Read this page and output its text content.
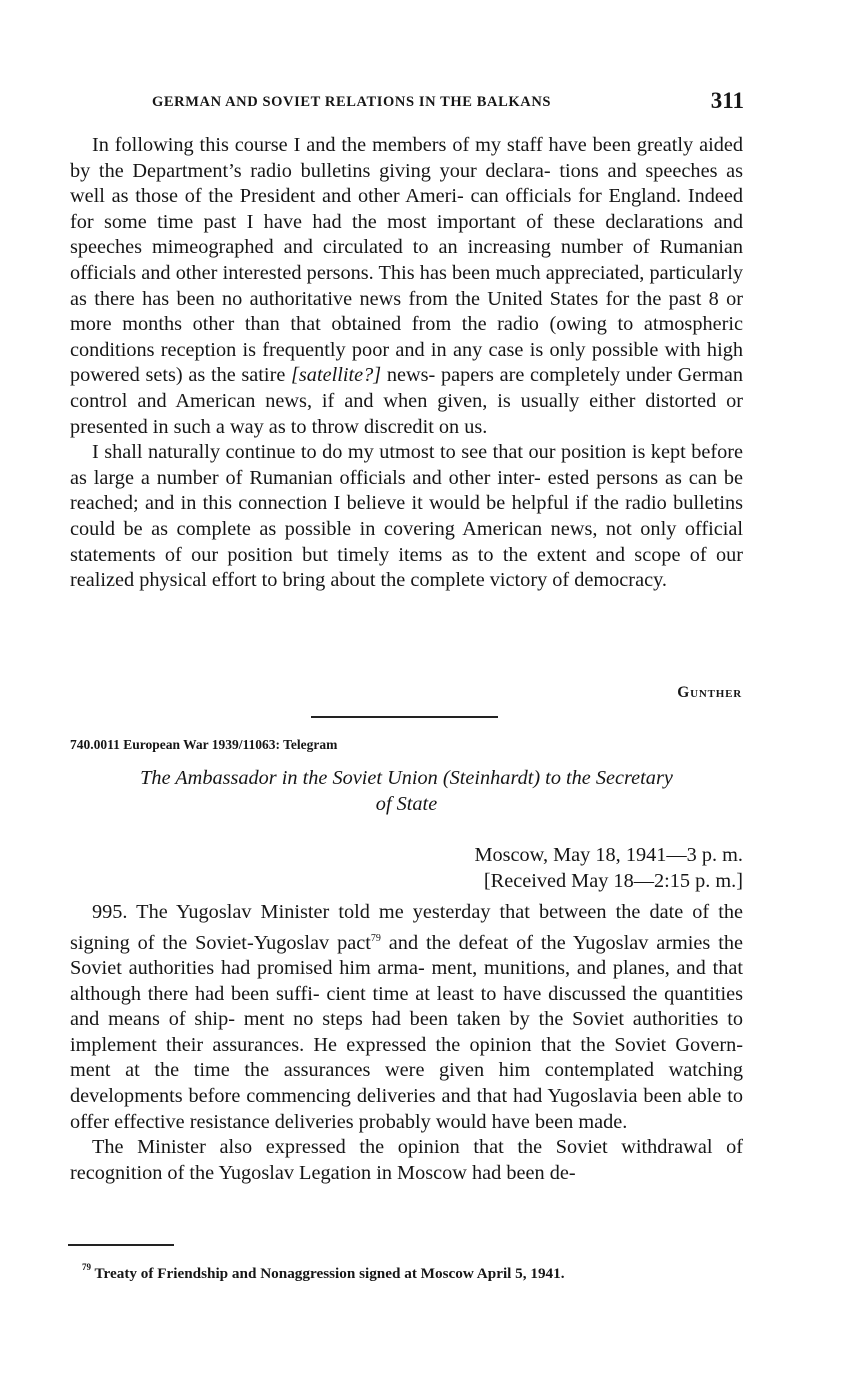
GERMAN AND SOVIET RELATIONS IN THE BALKANS	311

In following this course I and the members of my staff have been greatly aided by the Department’s radio bulletins giving your declara- tions and speeches as well as those of the President and other Ameri- can officials for England. Indeed for some time past I have had the most important of these declarations and speeches mimeographed and circulated to an increasing number of Rumanian officials and other interested persons. This has been much appreciated, particularly as there has been no authoritative news from the United States for the past 8 or more months other than that obtained from the radio (owing to atmospheric conditions reception is frequently poor and in any case is only possible with high powered sets) as the satire [satellite?] news- papers are completely under German control and American news, if and when given, is usually either distorted or presented in such a way as to throw discredit on us.

I shall naturally continue to do my utmost to see that our position is kept before as large a number of Rumanian officials and other inter- ested persons as can be reached; and in this connection I believe it would be helpful if the radio bulletins could be as complete as possible in covering American news, not only official statements of our position but timely items as to the extent and scope of our realized physical effort to bring about the complete victory of democracy.

Gunther
740.0011 European War 1939/11063: Telegram
The Ambassador in the Soviet Union (Steinhardt) to the Secretary
of State
Moscow, May 18, 1941—3 p. m.
[Received May 18—2:15 p. m.]

995. The Yugoslav Minister told me yesterday that between the date of the signing of the Soviet-Yugoslav pact$^{79}$ and the defeat of the Yugoslav armies the Soviet authorities had promised him arma- ment, munitions, and planes, and that although there had been suffi- cient time at least to have discussed the quantities and means of ship- ment no steps had been taken by the Soviet authorities to implement their assurances. He expressed the opinion that the Soviet Govern- ment at the time the assurances were given him contemplated watching developments before commencing deliveries and that had Yugoslavia been able to offer effective resistance deliveries probably would have been made.

The Minister also expressed the opinion that the Soviet withdrawal of recognition of the Yugoslav Legation in Moscow had been de-

$^{79}$ Treaty of Friendship and Nonaggression signed at Moscow April 5, 1941.
